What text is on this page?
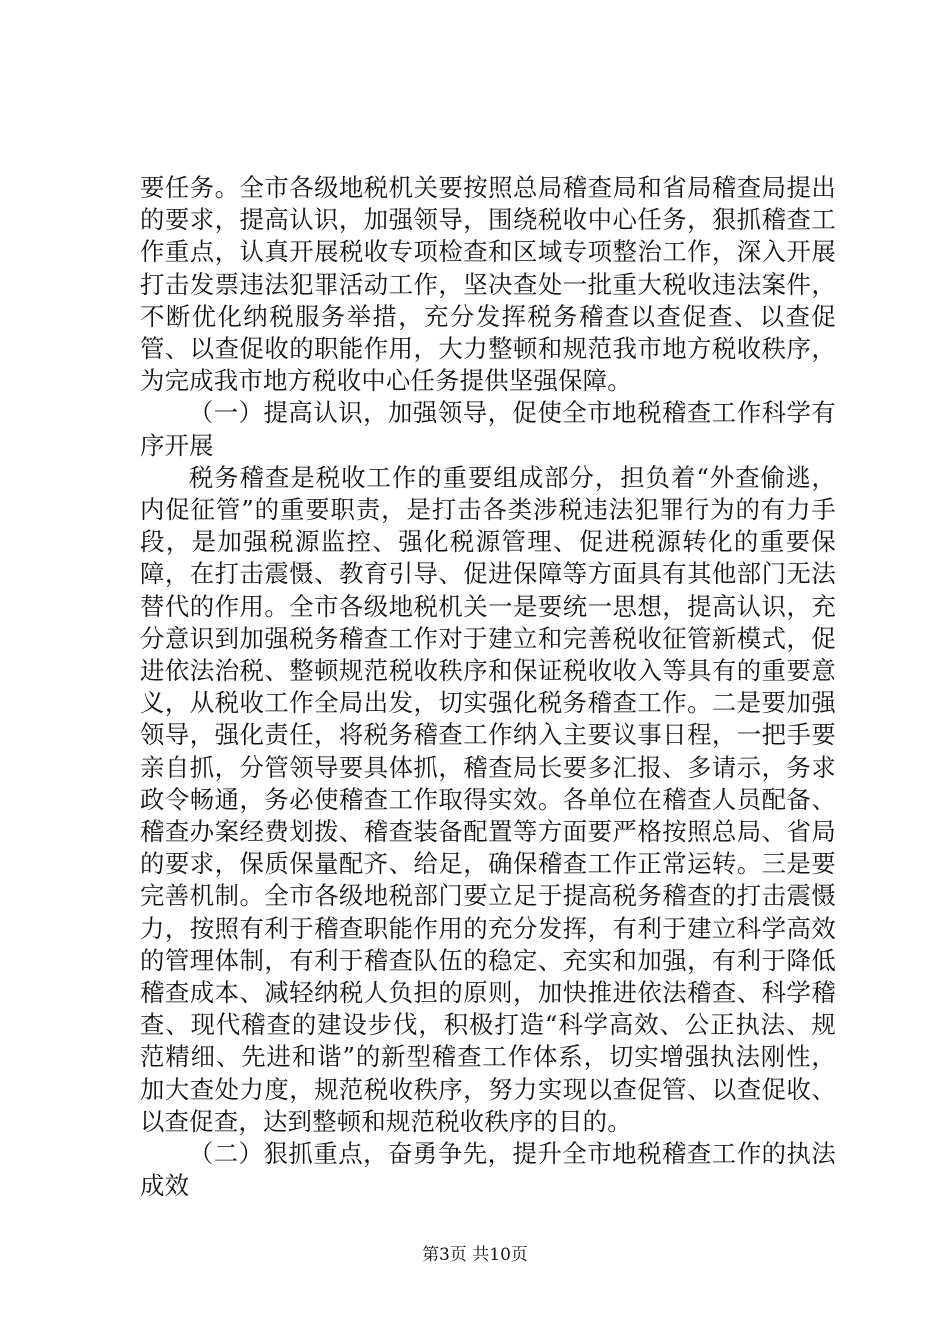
要任务。全市各级地税机关要按照总局稽查局和省局稽查局提出的要求，提高认识，加强领导，围绕税收中心任务，狠抓稽查工作重点，认真开展税收专项检查和区域专项整治工作，深入开展打击发票违法犯罪活动工作，坚决查处一批重大税收违法案件，不断优化纳税服务举措，充分发挥税务稽查以查促查、以查促管、以查促收的职能作用，大力整顿和规范我市地方税收秩序，为完成我市地方税收中心任务提供坚强保障。

（一）提高认识，加强领导，促使全市地税稽查工作科学有序开展

税务稽查是税收工作的重要组成部分，担负着“外查偷逃，内促征管”的重要职责，是打击各类涉税违法犯罪行为的有力手段，是加强税源监控、强化税源管理、促进税源转化的重要保障，在打击震慑、教育引导、促进保障等方面具有其他部门无法替代的作用。全市各级地税机关一是要统一思想，提高认识，充分意识到加强税务稽查工作对于建立和完善税收征管新模式，促进依法治税、整顿规范税收秩序和保证税收收入等具有的重要意义，从税收工作全局出发，切实强化税务稽查工作。二是要加强领导，强化责任，将税务稽查工作纳入主要议事日程，一把手要亲自抓，分管领导要具体抓，稽查局长要多汇报、多请示，务求政令畅通，务必使稽查工作取得实效。各单位在稽查人员配备、稽查办案经费划拨、稽查装备配置等方面要严格按照总局、省局的要求，保质保量配齐、给足，确保稽查工作正常运转。三是要完善机制。全市各级地税部门要立足于提高税务稽查的打击震慑力，按照有利于稽查职能作用的充分发挥，有利于建立科学高效的管理体制，有利于稽查队伍的稳定、充实和加强，有利于降低稽查成本、减轻纳税人负担的原则，加快推进依法稽查、科学稽查、现代稽查的建设步伐，积极打造“科学高效、公正执法、规范精细、先进和谐”的新型稽查工作体系，切实增强执法刚性，加大查处力度，规范税收秩序，努力实现以查促管、以查促收、以查促查，达到整顿和规范税收秩序的目的。

（二）狠抓重点，奋勇争先，提升全市地税稽查工作的执法成效

第3页 共10页
